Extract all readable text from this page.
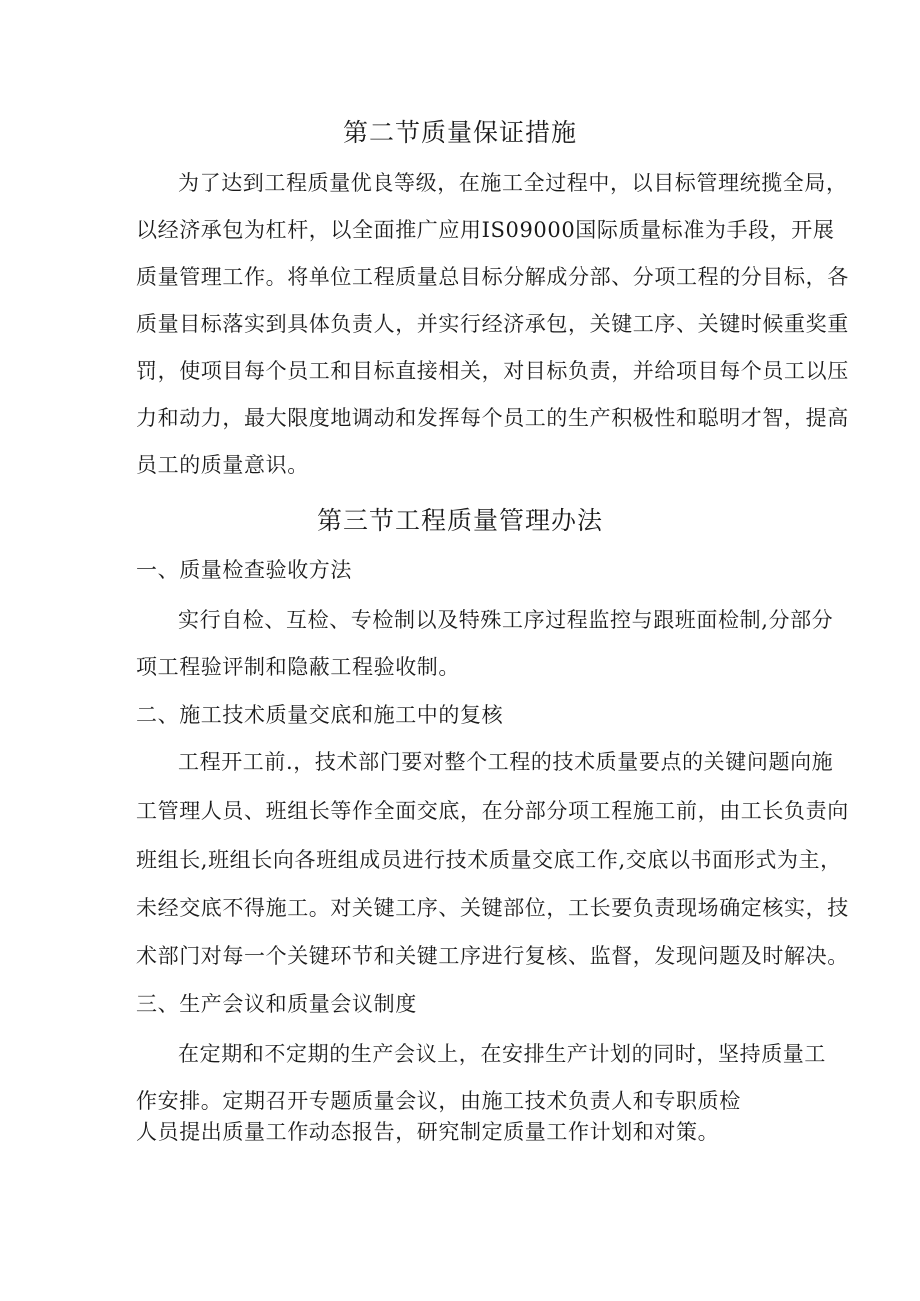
第二节质量保证措施
为了达到工程质量优良等级，在施工全过程中，以目标管理统揽全局，
以经济承包为杠杆，以全面推广应用IS09000国际质量标准为手段，开展
质量管理工作。将单位工程质量总目标分解成分部、分项工程的分目标，各
质量目标落实到具体负责人，并实行经济承包，关键工序、关键时候重奖重
罚，使项目每个员工和目标直接相关，对目标负责，并给项目每个员工以压
力和动力，最大限度地调动和发挥每个员工的生产积极性和聪明才智，提高
员工的质量意识。
第三节工程质量管理办法
一、质量检查验收方法
实行自检、互检、专检制以及特殊工序过程监控与跟班面检制,分部分
项工程验评制和隐蔽工程验收制。
二、施工技术质量交底和施工中的复核
工程开工前.，技术部门要对整个工程的技术质量要点的关键问题向施
工管理人员、班组长等作全面交底，在分部分项工程施工前，由工长负责向
班组长,班组长向各班组成员进行技术质量交底工作,交底以书面形式为主，
未经交底不得施工。对关键工序、关键部位，工长要负责现场确定核实，技
术部门对每一个关键环节和关键工序进行复核、监督，发现问题及时解决。
三、生产会议和质量会议制度
在定期和不定期的生产会议上，在安排生产计划的同时，坚持质量工
作安排。定期召开专题质量会议，由施工技术负责人和专职质检
人员提出质量工作动态报告，研究制定质量工作计划和对策。
